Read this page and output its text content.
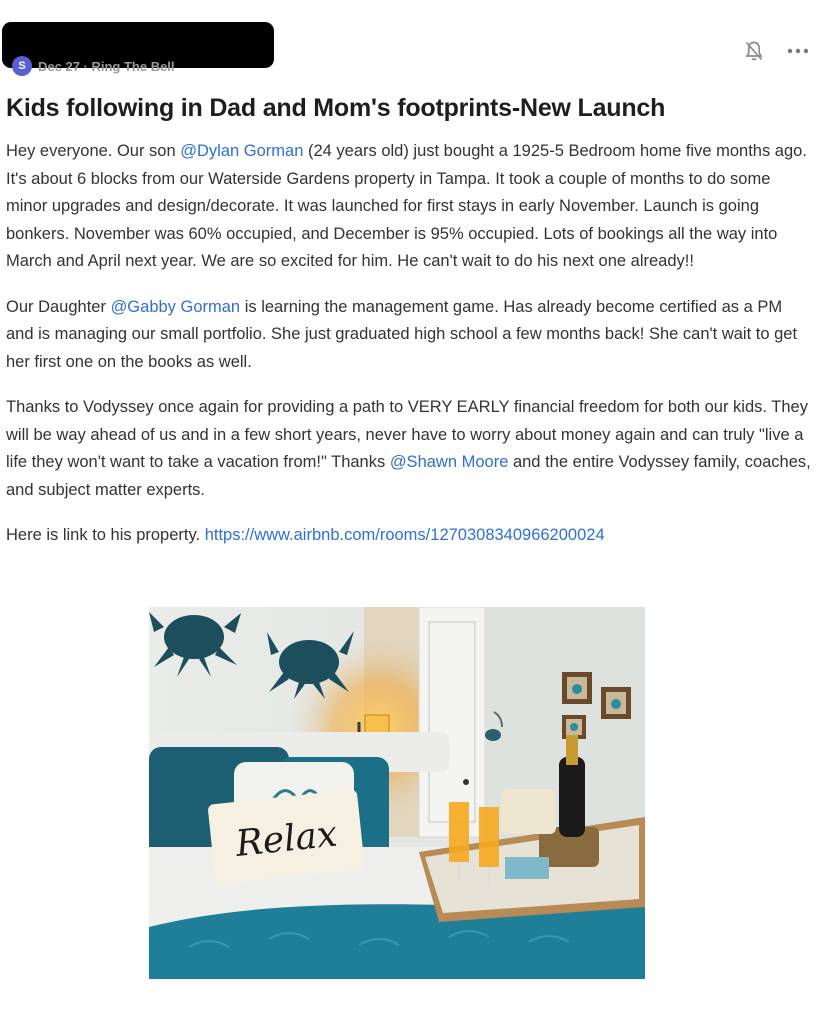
S Dec 27 · Ring The Bell
Kids following in Dad and Mom's footprints-New Launch

Hey everyone. Our son @Dylan Gorman (24 years old) just bought a 1925-5 Bedroom home five months ago. It's about 6 blocks from our Waterside Gardens property in Tampa. It took a couple of months to do some minor upgrades and design/decorate. It was launched for first stays in early November. Launch is going bonkers. November was 60% occupied, and December is 95% occupied. Lots of bookings all the way into March and April next year. We are so excited for him. He can't wait to do his next one already!!

Our Daughter @Gabby Gorman is learning the management game. Has already become certified as a PM and is managing our small portfolio. She just graduated high school a few months back! She can't wait to get her first one on the books as well.

Thanks to Vodyssey once again for providing a path to VERY EARLY financial freedom for both our kids. They will be way ahead of us and in a few short years, never have to worry about money again and can truly "live a life they won't want to take a vacation from!" Thanks @Shawn Moore and the entire Vodyssey family, coaches, and subject matter experts.

Here is link to his property. https://www.airbnb.com/rooms/1270308340966200024

Relax
